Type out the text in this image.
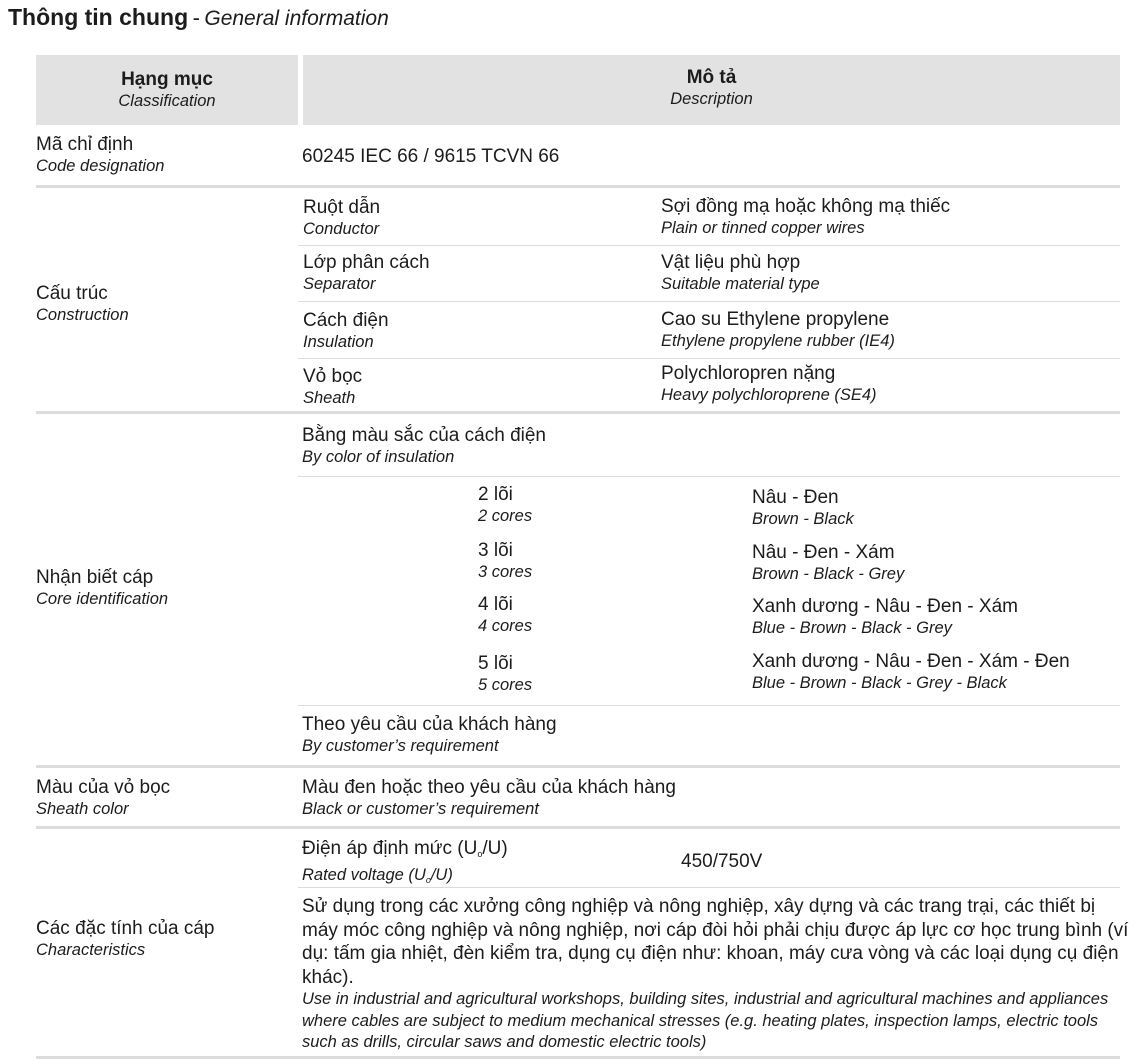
Thông tin chung - General information
Hạng mục
Classification
Mô tả
Description
Mã chỉ định
Code designation	60245 IEC 66 / 9615 TCVN 66
Cấu trúc
Construction
Ruột dẫn
Conductor
Sợi đồng mạ hoặc không mạ thiếc
Plain or tinned copper wires
Lớp phân cách
Separator
Vật liệu phù hợp
Suitable material type
Cách điện
Insulation
Cao su Ethylene propylene
Ethylene propylene rubber (IE4)
Vỏ bọc
Sheath
Polychloropren nặng
Heavy polychloroprene (SE4)
Nhận biết cáp
Core identification
Bằng màu sắc của cách điện
By color of insulation
2 lõi
2 cores
Nâu - Đen
Brown - Black
3 lõi
3 cores
Nâu - Đen - Xám
Brown - Black - Grey
4 lõi
4 cores
Xanh dương - Nâu - Đen - Xám
Blue - Brown - Black - Grey
5 lõi
5 cores
Xanh dương - Nâu - Đen - Xám - Đen
Blue - Brown - Black - Grey - Black
Theo yêu cầu của khách hàng
By customer’s requirement
Màu của vỏ bọc
Sheath color
Màu đen hoặc theo yêu cầu của khách hàng
Black or customer’s requirement
Các đặc tính của cáp
Characteristics
Điện áp định mức $(U_o/U)$
Rated voltage $(U_o/U)$
450/750V
Sử dụng trong các xưởng công nghiệp và nông nghiệp, xây dựng và các trang trại, các thiết bị máy móc công nghiệp và nông nghiệp, nơi cáp đòi hỏi phải chịu được áp lực cơ học trung bình (ví dụ: tấm gia nhiệt, đèn kiểm tra, dụng cụ điện như: khoan, máy cưa vòng và các loại dụng cụ điện khác).
Use in industrial and agricultural workshops, building sites, industrial and agricultural machines and appliances where cables are subject to medium mechanical stresses (e.g. heating plates, inspection lamps, electric tools such as drills, circular saws and domestic electric tools)
